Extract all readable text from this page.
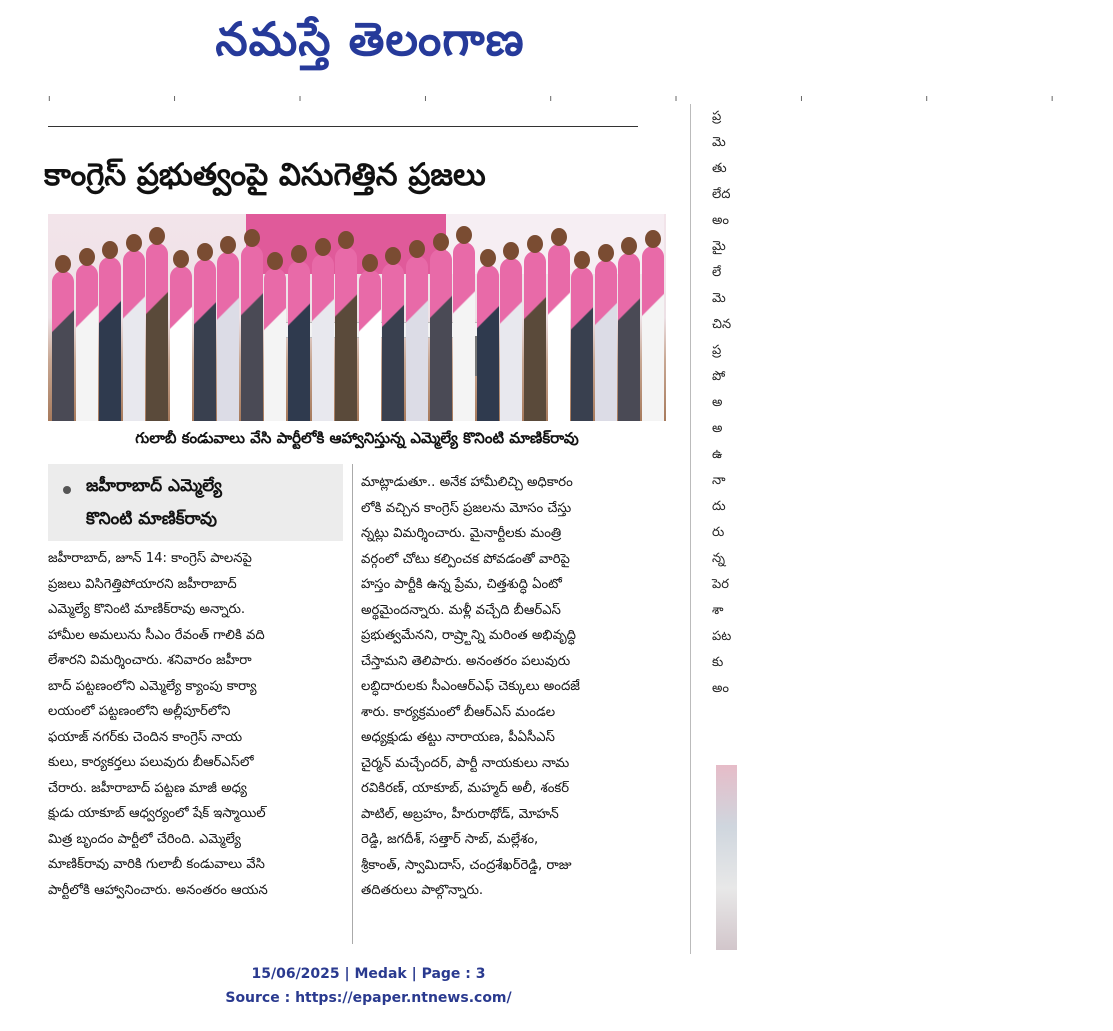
నమస్తే తెలంగాణ
ı ı ı ı ı ı ı ı ı
కాంగ్రెస్ ప్రభుత్వంపై విసుగెత్తిన ప్రజలు
గులాబీ కండువాలు వేసి పార్టీలోకి ఆహ్వానిస్తున్న ఎమ్మెల్యే కొనింటి మాణిక్‌రావు
జహీరాబాద్ ఎమ్మెల్యే
కొనింటి మాణిక్‌రావు
జహీరాబాద్, జూన్ 14: కాంగ్రెస్ పాలనపై
ప్రజలు విసిగెత్తిపోయారని జహీరాబాద్
ఎమ్మెల్యే కొనింటి మాణిక్‌రావు అన్నారు.
హామీల అమలును సీఎం రేవంత్ గాలికి వది
లేశారని విమర్శించారు. శనివారం జహీరా
బాద్ పట్టణంలోని ఎమ్మెల్యే క్యాంపు కార్యా
లయంలో పట్టణంలోని అల్లీపూర్‌లోని
ఫయాజ్ నగర్‌కు చెందిన కాంగ్రెస్ నాయ
కులు, కార్యకర్తలు పలువురు బీఆర్‌ఎస్‌లో
చేరారు. జహీరాబాద్ పట్టణ మాజీ అధ్య
క్షుడు యాకూబ్ ఆధ్వర్యంలో షేక్ ఇస్మాయిల్
మిత్ర బృందం పార్టీలో చేరింది. ఎమ్మెల్యే
మాణిక్‌రావు వారికి గులాబీ కండువాలు వేసి
పార్టీలోకి ఆహ్వానించారు. అనంతరం ఆయన
మాట్లాడుతూ.. అనేక హామీలిచ్చి అధికారం
లోకి వచ్చిన కాంగ్రెస్ ప్రజలను మోసం చేస్తు
న్నట్లు విమర్శించారు. మైనార్టీలకు మంత్రి
వర్గంలో చోటు కల్పించక పోవడంతో వారిపై
హస్తం పార్టీకి ఉన్న ప్రేమ, చిత్తశుద్ధి ఏంటో
అర్థమైందన్నారు. మళ్లీ వచ్చేది బీఆర్‌ఎస్
ప్రభుత్వమేనని, రాష్ర్టాన్ని మరింత అభివృద్ధి
చేస్తామని తెలిపారు. అనంతరం పలువురు
లబ్ధిదారులకు సీఎంఆర్‌ఎఫ్ చెక్కులు అందజే
శారు. కార్యక్రమంలో బీఆర్‌ఎస్ మండల
అధ్యక్షుడు తట్టు నారాయణ, పీఏసీఎస్
చైర్మన్ మచ్చేందర్, పార్టీ నాయకులు నామ
రవికిరణ్, యాకూబ్, మహ్మద్ అలీ, శంకర్
పాటిల్, అబ్రహం, హీరురాథోడ్, మోహన్
రెడ్డి, జగదీశ్, సత్తార్ సాబ్, మల్లేశం,
శ్రీకాంత్, స్వామిదాస్, చంద్రశేఖర్‌రెడ్డి, రాజు
తదితరులు పాల్గొన్నారు.
ప్ర
మె
తు
లేద
అం
మై
లే
మె
చిన
ప్ర
పో
అ
అ
ఉ
నా
దు
రు
న్న
పెర
శా
పట
కు
అం
15/06/2025 | Medak | Page : 3
Source : https://epaper.ntnews.com/
